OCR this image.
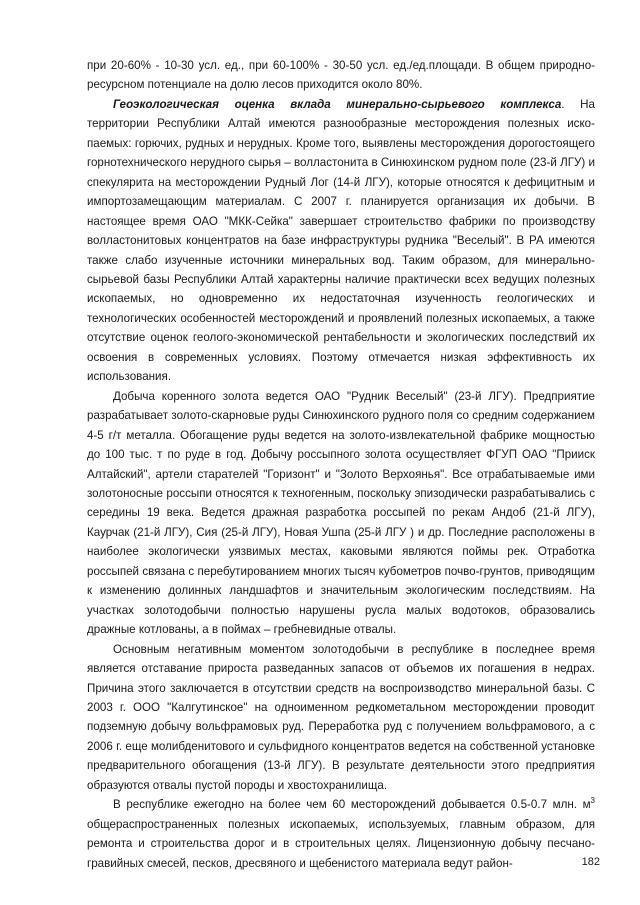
при 20-60% - 10-30 усл. ед., при 60-100% - 30-50 усл. ед./ед.площади. В общем природно-ресурсном потенциале на долю лесов приходится около 80%.

Геоэкологическая оценка вклада минерально-сырьевого комплекса. На территории Республики Алтай имеются разнообразные месторождения полезных ископаемых: горючих, рудных и нерудных. Кроме того, выявлены месторождения дорогостоящего горнотехнического нерудного сырья – волластонита в Синюхинском рудном поле (23-й ЛГУ) и спекулярита на месторождении Рудный Лог (14-й ЛГУ), которые относятся к дефицитным и импортозамещающим материалам. С 2007 г. планируется организация их добычи. В настоящее время ОАО "МКК-Сейка" завершает строительство фабрики по производству волластонитовых концентратов на базе инфраструктуры рудника "Веселый". В РА имеются также слабо изученные источники минеральных вод. Таким образом, для минерально-сырьевой базы Республики Алтай характерны наличие практически всех ведущих полезных ископаемых, но одновременно их недостаточная изученность геологических и технологических особенностей месторождений и проявлений полезных ископаемых, а также отсутствие оценок геолого-экономической рентабельности и экологических последствий их освоения в современных условиях. Поэтому отмечается низкая эффективность их использования.

Добыча коренного золота ведется ОАО "Рудник Веселый" (23-й ЛГУ). Предприятие разрабатывает золото-скарновые руды Синюхинского рудного поля со средним содержанием 4-5 г/т металла. Обогащение руды ведется на золото-извлекательной фабрике мощностью до 100 тыс. т по руде в год. Добычу россыпного золота осуществляет ФГУП ОАО "Прииск Алтайский", артели старателей "Горизонт" и "Золото Верхоянья". Все отрабатываемые ими золотоносные россыпи относятся к техногенным, поскольку эпизодически разрабатывались с середины 19 века. Ведется дражная разработка россыпей по рекам Андоб (21-й ЛГУ), Каурчак (21-й ЛГУ), Сия (25-й ЛГУ), Новая Ушпа (25-й ЛГУ ) и др. Последние расположены в наиболее экологически уязвимых местах, каковыми являются поймы рек. Отработка россыпей связана с перебутированием многих тысяч кубометров почво-грунтов, приводящим к изменению долинных ландшафтов и значительным экологическим последствиям. На участках золотодобычи полностью нарушены русла малых водотоков, образовались дражные котлованы, а в поймах – гребневидные отвалы.

Основным негативным моментом золотодобычи в республике в последнее время является отставание прироста разведанных запасов от объемов их погашения в недрах. Причина этого заключается в отсутствии средств на воспроизводство минеральной базы. С 2003 г. ООО "Калгутинское" на одноименном редкометальном месторождении проводит подземную добычу вольфрамовых руд. Переработка руд с получением вольфрамового, а с 2006 г. еще молибденитового и сульфидного концентратов ведется на собственной установке предварительного обогащения (13-й ЛГУ). В результате деятельности этого предприятия образуются отвалы пустой породы и хвостохранилища.

В республике ежегодно на более чем 60 месторождений добывается 0.5-0.7 млн. $м^3$ общераспространенных полезных ископаемых, используемых, главным образом, для ремонта и строительства дорог и в строительных целях. Лицензионную добычу песчано-гравийных смесей, песков, дресвяного и щебенистого материала ведут район-	182
